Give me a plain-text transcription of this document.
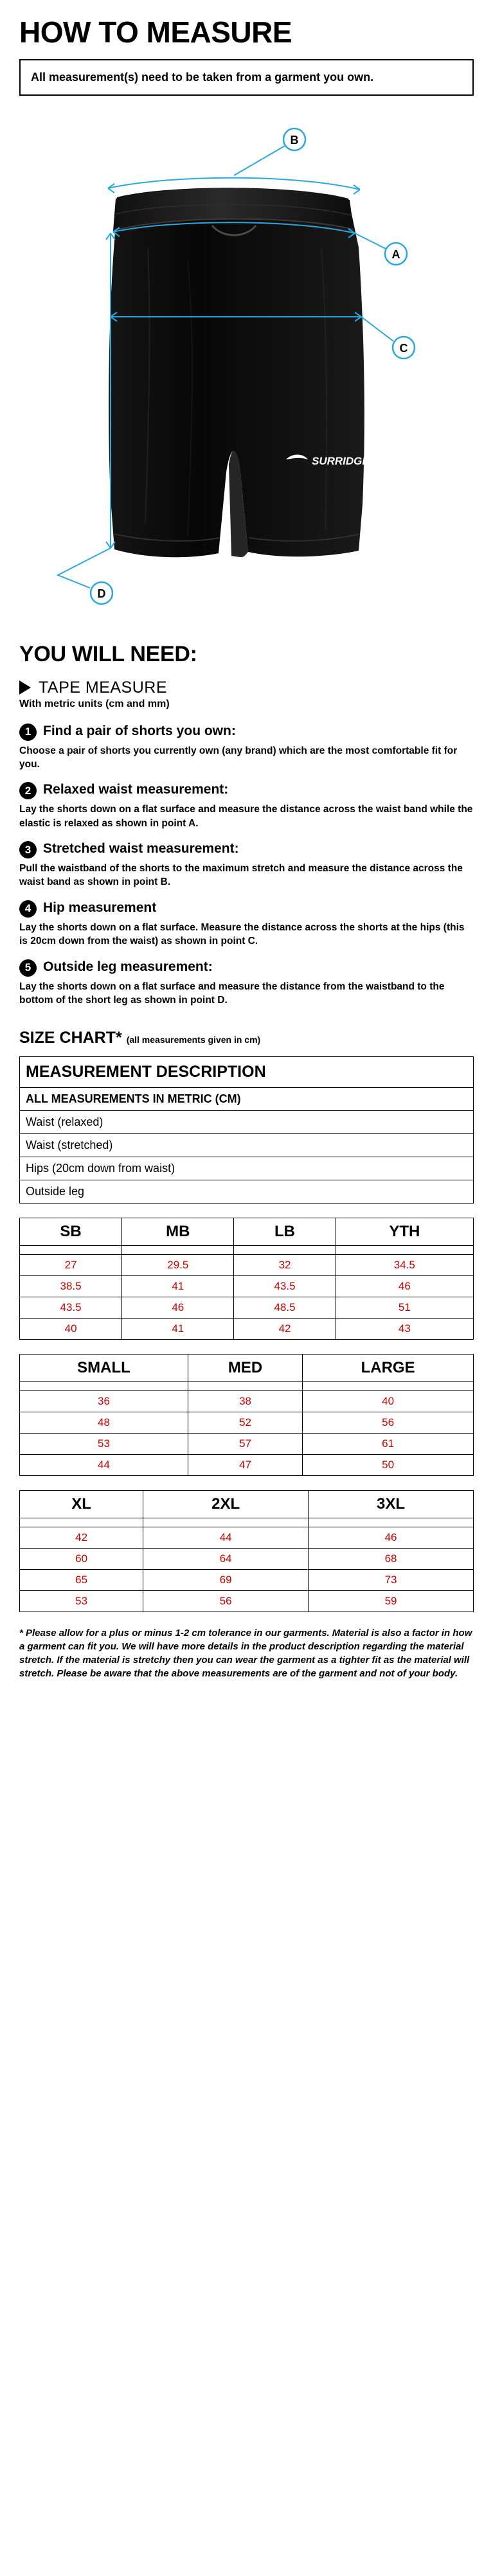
HOW TO MEASURE
All measurement(s) need to be taken from a garment you own.
SURRIDGE
B
A
C
D
YOU WILL NEED:
TAPE MEASURE
With metric units (cm and mm)
1 Find a pair of shorts you own:
Choose a pair of shorts you currently own (any brand) which are the most comfortable fit for you.
2 Relaxed waist measurement:
Lay the shorts down on a flat surface and measure the distance across the waist band while the elastic is relaxed as shown in point A.
3 Stretched waist measurement:
Pull the waistband of the shorts to the maximum stretch and measure the distance across the waist band as shown in point B.
4 Hip measurement
Lay the shorts down on a flat surface. Measure the distance across the shorts at the hips (this is 20cm down from the waist) as shown in point C.
5 Outside leg measurement:
Lay the shorts down on a flat surface and measure the distance from the waistband to the bottom of the short leg as shown in point D.
SIZE CHART* (all measurements given in cm)
MEASUREMENT DESCRIPTION
ALL MEASUREMENTS IN METRIC (CM)
Waist (relaxed)
Waist (stretched)
Hips (20cm down from waist)
Outside leg
SB	MB	LB	YTH

27	29.5	32	34.5
38.5	41	43.5	46
43.5	46	48.5	51
40	41	42	43
SMALL	MED	LARGE

36	38	40
48	52	56
53	57	61
44	47	50
XL	2XL	3XL

42	44	46
60	64	68
65	69	73
53	56	59
* Please allow for a plus or minus 1-2 cm tolerance in our garments. Material is also a factor in how a garment can fit you. We will have more details in the product description regarding the material stretch. If the material is stretchy then you can wear the garment as a tighter fit as the material will stretch. Please be aware that the above measurements are of the garment and not of your body.
